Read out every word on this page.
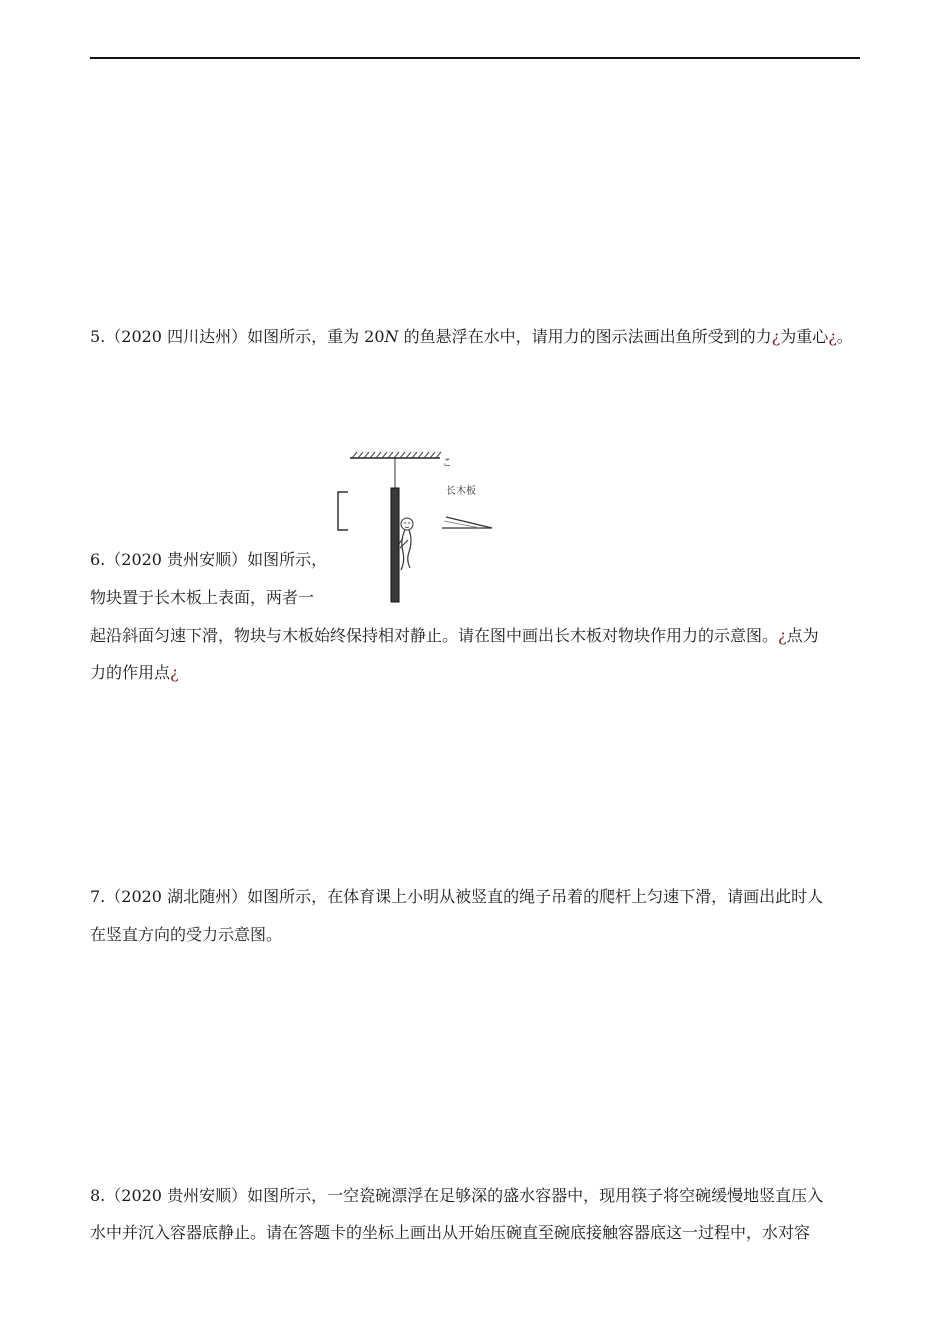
5.（2020 四川达州）如图所示，重为 20N 的鱼悬浮在水中，请用力的图示法画出鱼所受到的力¿为重心¿。
こ
长木板
6.（2020 贵州安顺）如图所示，
物块置于长木板上表面，两者一
起沿斜面匀速下滑，物块与木板始终保持相对静止。请在图中画出长木板对物块作用力的示意图。¿点为
力的作用点¿
7.（2020 湖北随州）如图所示，在体育课上小明从被竖直的绳子吊着的爬杆上匀速下滑，请画出此时人
在竖直方向的受力示意图。
8.（2020 贵州安顺）如图所示，一空瓷碗漂浮在足够深的盛水容器中，现用筷子将空碗缓慢地竖直压入
水中并沉入容器底静止。请在答题卡的坐标上画出从开始压碗直至碗底接触容器底这一过程中，水对容
